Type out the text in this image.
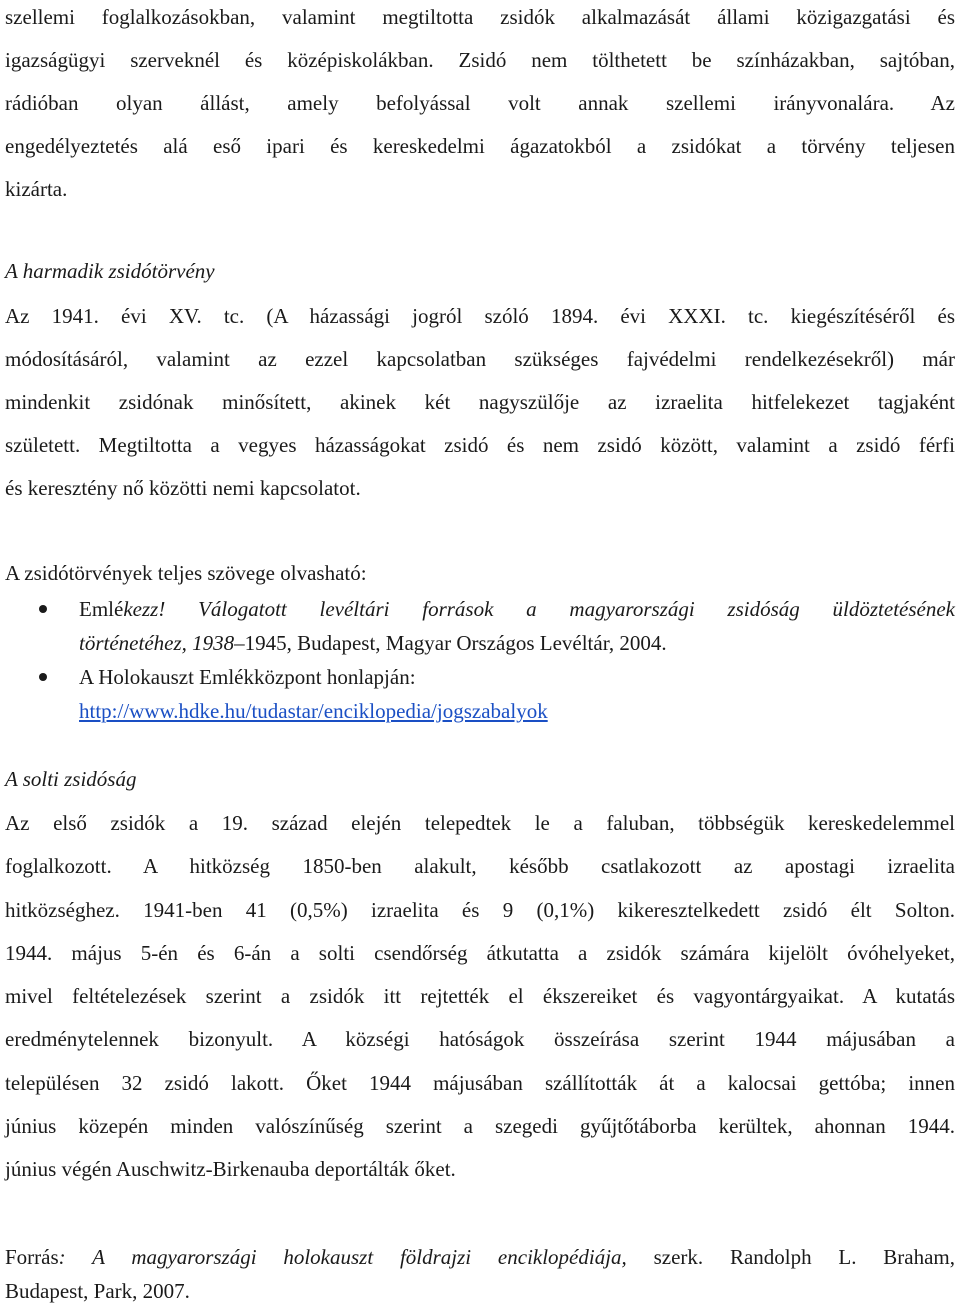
szellemi foglalkozásokban, valamint megtiltotta zsidók alkalmazását állami közigazgatási és
igazságügyi szerveknél és középiskolákban. Zsidó nem tölthetett be színházakban, sajtóban,
rádióban olyan állást, amely befolyással volt annak szellemi irányvonalára. Az
engedélyeztetés alá eső ipari és kereskedelmi ágazatokból a zsidókat a törvény teljesen
kizárta.
A harmadik zsidótörvény
Az 1941. évi XV. tc. (A házassági jogról szóló 1894. évi XXXI. tc. kiegészítéséről és
módosításáról, valamint az ezzel kapcsolatban szükséges fajvédelmi rendelkezésekről) már
mindenkit zsidónak minősített, akinek két nagyszülője az izraelita hitfelekezet tagjaként
született. Megtiltotta a vegyes házasságokat zsidó és nem zsidó között, valamint a zsidó férfi
és keresztény nő közötti nemi kapcsolatot.
A zsidótörvények teljes szövege olvasható:
Emlékezz! Válogatott levéltári források a magyarországi zsidóság üldöztetésének
történetéhez, 1938–1945, Budapest, Magyar Országos Levéltár, 2004.
A Holokauszt Emlékközpont honlapján:
http://www.hdke.hu/tudastar/enciklopedia/jogszabalyok
A solti zsidóság
Az első zsidók a 19. század elején telepedtek le a faluban, többségük kereskedelemmel
foglalkozott. A hitközség 1850-ben alakult, később csatlakozott az apostagi izraelita
hitközséghez. 1941-ben 41 (0,5%) izraelita és 9 (0,1%) kikeresztelkedett zsidó élt Solton.
1944. május 5-én és 6-án a solti csendőrség átkutatta a zsidók számára kijelölt óvóhelyeket,
mivel feltételezések szerint a zsidók itt rejtették el ékszereiket és vagyontárgyaikat. A kutatás
eredménytelennek bizonyult. A községi hatóságok összeírása szerint 1944 májusában a
településen 32 zsidó lakott. Őket 1944 májusában szállították át a kalocsai gettóba; innen
június közepén minden valószínűség szerint a szegedi gyűjtőtáborba kerültek, ahonnan 1944.
június végén Auschwitz-Birkenauba deportálták őket.
Forrás: A magyarországi holokauszt földrajzi enciklopédiája, szerk. Randolph L. Braham,
Budapest, Park, 2007.
